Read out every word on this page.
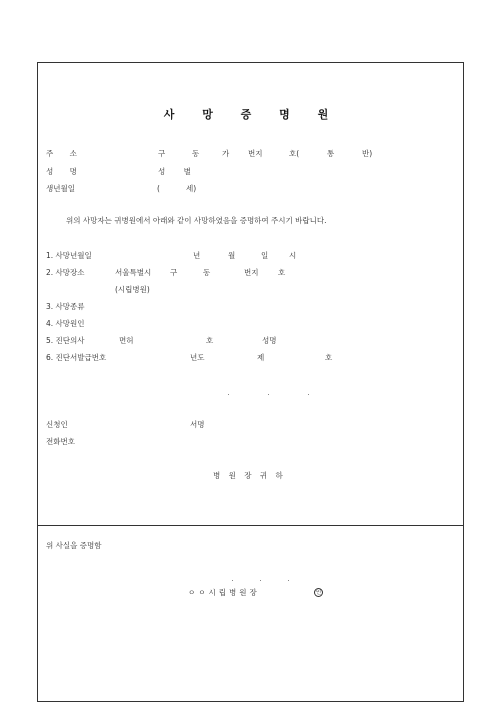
사 망 증 명 원
주 소	구	동	가	번지	호(	통	반)
성 명	성 별
생년월일	(	세)
위의 사망자는 귀병원에서 아래와 같이 사망하였음을 증명하여 주시기 바랍니다.
1. 사망년월일	년	월	일	시
2. 사망장소	서울특별시	구	동	번지	호
(시립병원)
3. 사망종류
4. 사망원인
5. 진단의사	면허	호	성명
6. 진단서발급번호	년도	제	호
신청인	서명
전화번호
병 원 장 귀 하
위 사실을 증명함
ㅇㅇ시립병원장	인
